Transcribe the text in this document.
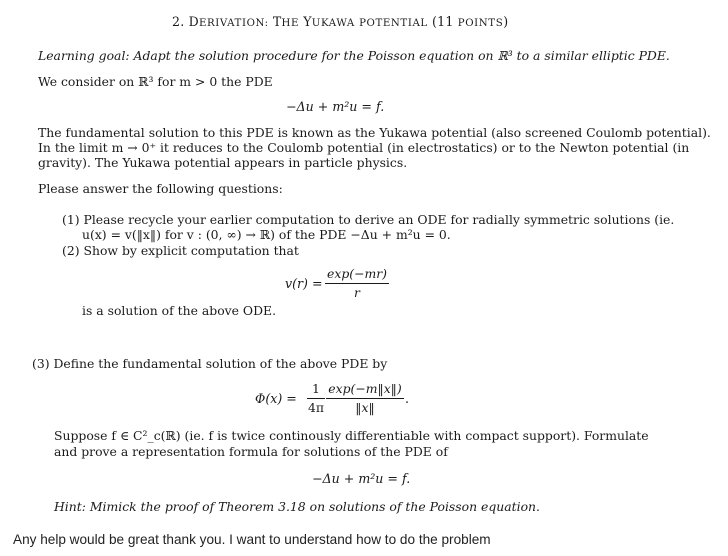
2. DERIVATION: THE YUKAWA POTENTIAL (11 POINTS)
Learning goal: Adapt the solution procedure for the Poisson equation on ℝ³ to a similar elliptic PDE.
We consider on ℝ³ for m > 0 the PDE
−Δu + m²u = f.
The fundamental solution to this PDE is known as the Yukawa potential (also screened Coulomb potential).
In the limit m → 0⁺ it reduces to the Coulomb potential (in electrostatics) or to the Newton potential (in
gravity). The Yukawa potential appears in particle physics.
Please answer the following questions:
(1) Please recycle your earlier computation to derive an ODE for radially symmetric solutions (ie.
u(x) = v(‖x‖) for v : (0, ∞) → ℝ) of the PDE −Δu + m²u = 0.
(2) Show by explicit computation that
v(r) =
exp(−mr)
r
is a solution of the above ODE.
(3) Define the fundamental solution of the above PDE by
Φ(x) =
1
4π
exp(−m‖x‖)
‖x‖
.
Suppose f ∈ C²_c(ℝ) (ie. f is twice continously differentiable with compact support). Formulate
and prove a representation formula for solutions of the PDE of
−Δu + m²u = f.
Hint: Mimick the proof of Theorem 3.18 on solutions of the Poisson equation.
Any help would be great thank you. I want to understand how to do the problem
